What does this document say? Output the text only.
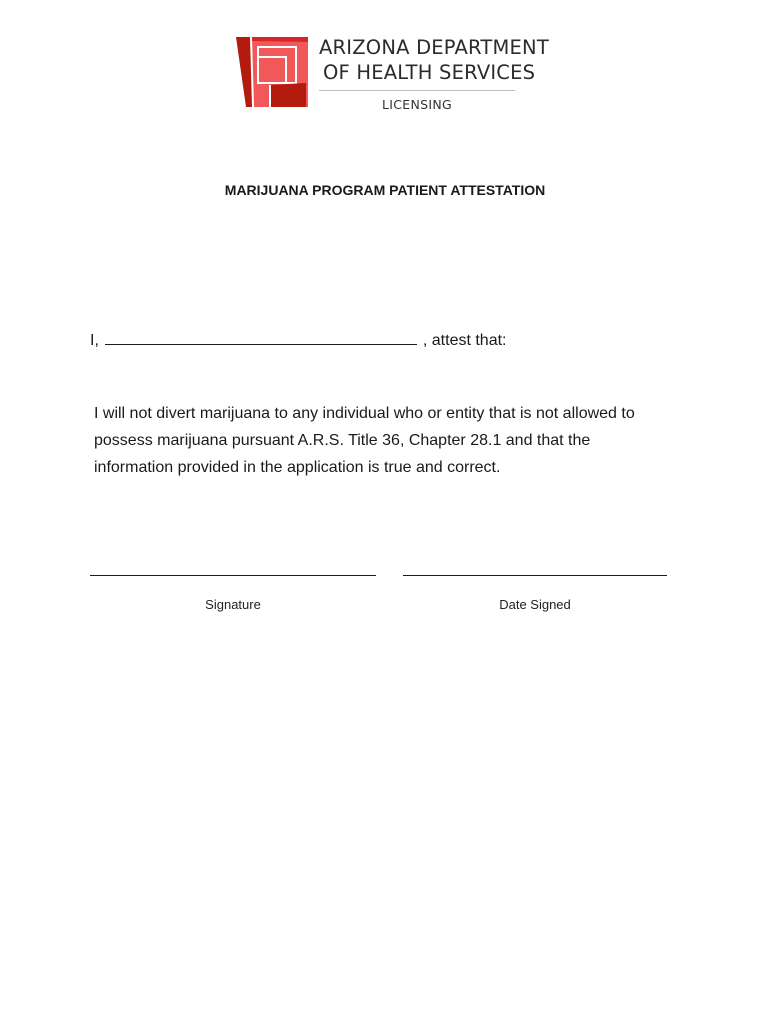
ARIZONA DEPARTMENT
OF HEALTH SERVICES
LICENSING
MARIJUANA PROGRAM PATIENT ATTESTATION
I,	, attest that:
I will not divert marijuana to any individual who or entity that is not allowed to possess marijuana pursuant A.R.S. Title 36, Chapter 28.1 and that the information provided in the application is true and correct.
Signature	Date Signed
